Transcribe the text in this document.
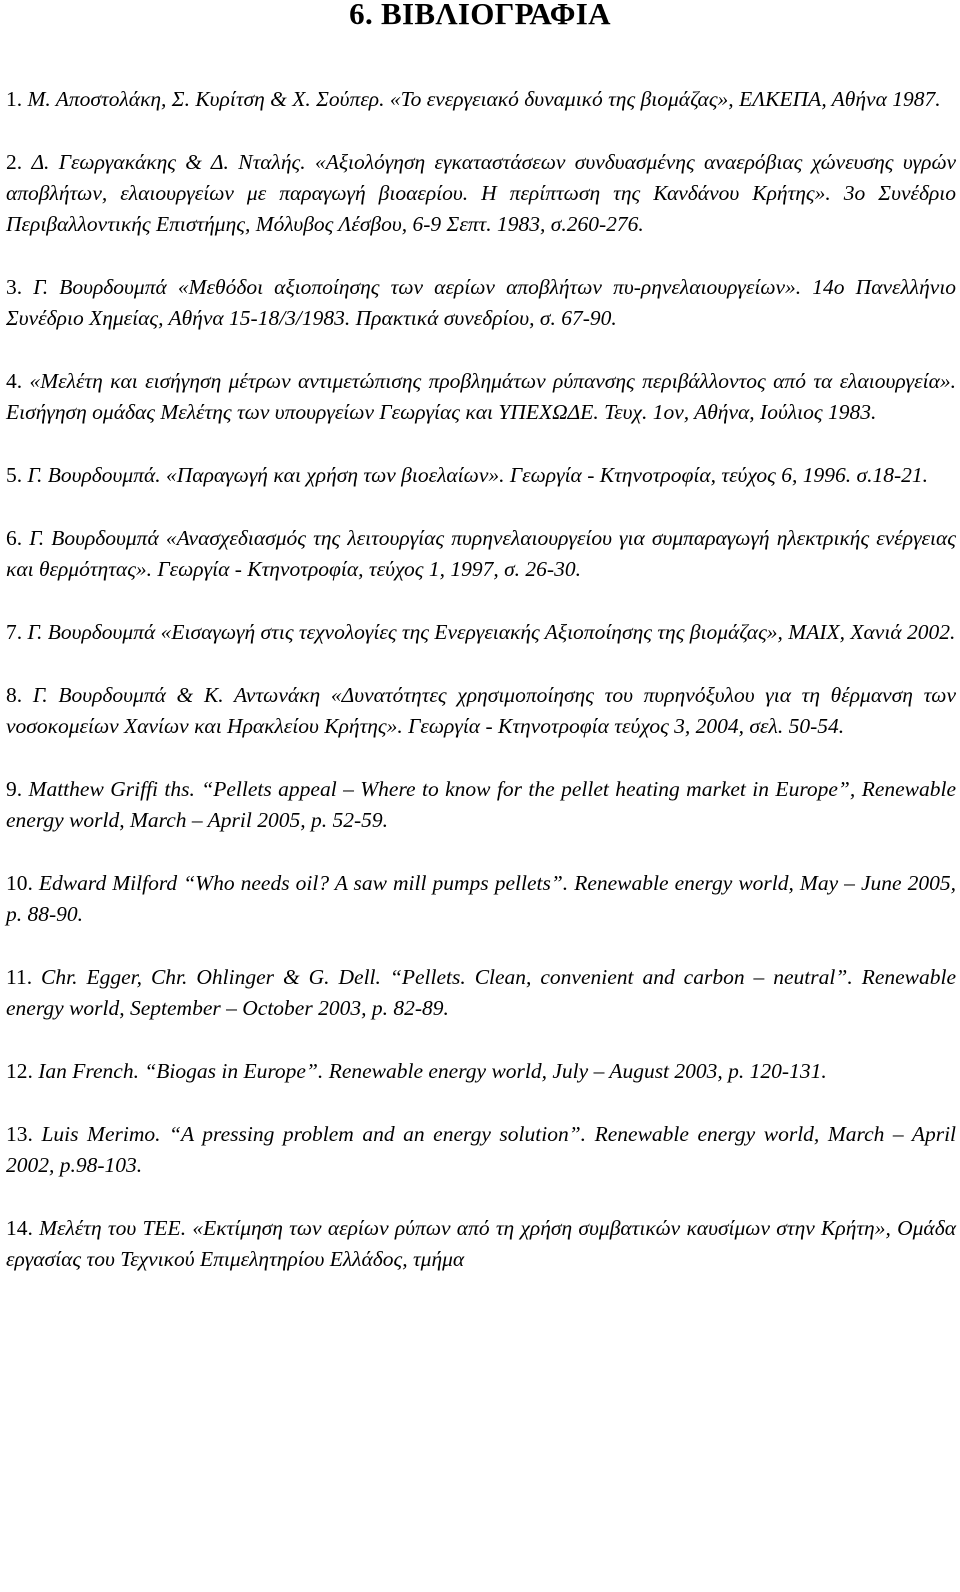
6. ΒΙΒΛΙΟΓΡΑΦΙΑ
1. Μ. Αποστολάκη, Σ. Κυρίτση & Χ. Σούπερ. «Το ενεργειακό δυναμικό της βιομάζας», ΕΛΚΕΠΑ, Αθήνα 1987.
2. Δ. Γεωργακάκης & Δ. Νταλής. «Αξιολόγηση εγκαταστάσεων συνδυασμένης αναερόβιας χώνευσης υγρών αποβλήτων, ελαιουργείων με παραγωγή βιοαερίου. Η περίπτωση της Κανδάνου Κρήτης». 3ο Συνέδριο Περιβαλλοντικής Επιστήμης, Μόλυβος Λέσβου, 6-9 Σεπτ. 1983, σ.260-276.
3. Γ. Βουρδουμπά «Μεθόδοι αξιοποίησης των αερίων αποβλήτων πυ-ρηνελαιουργείων». 14ο Πανελλήνιο Συνέδριο Χημείας, Αθήνα 15-18/3/1983. Πρακτικά συνεδρίου, σ. 67-90.
4. «Μελέτη και εισήγηση μέτρων αντιμετώπισης προβλημάτων ρύπανσης περιβάλλοντος από τα ελαιουργεία». Εισήγηση ομάδας Μελέτης των υπουργείων Γεωργίας και ΥΠΕΧΩΔΕ. Τευχ. 1ον, Αθήνα, Ιούλιος 1983.
5. Γ. Βουρδουμπά. «Παραγωγή και χρήση των βιοελαίων». Γεωργία - Κτηνοτροφία, τεύχος 6, 1996. σ.18-21.
6. Γ. Βουρδουμπά «Ανασχεδιασμός της λειτουργίας πυρηνελαιουργείου για συμπαραγωγή ηλεκτρικής ενέργειας και θερμότητας». Γεωργία - Κτηνοτροφία, τεύχος 1, 1997, σ. 26-30.
7. Γ. Βουρδουμπά «Εισαγωγή στις τεχνολογίες της Ενεργειακής Αξιοποίησης της βιομάζας», ΜΑΙΧ, Χανιά 2002.
8. Γ. Βουρδουμπά & Κ. Αντωνάκη «Δυνατότητες χρησιμοποίησης του πυρηνόξυλου για τη θέρμανση των νοσοκομείων Χανίων και Ηρακλείου Κρήτης». Γεωργία - Κτηνοτροφία τεύχος 3, 2004, σελ. 50-54.
9. Matthew Griffi ths. “Pellets appeal – Where to know for the pellet heating market in Europe”, Renewable energy world, March – April 2005, p. 52-59.
10. Edward Milford “Who needs oil? A saw mill pumps pellets”. Renewable energy world, May – June 2005, p. 88-90.
11. Chr. Egger, Chr. Ohlinger & G. Dell. “Pellets. Clean, convenient and carbon – neutral”. Renewable energy world, September – October 2003, p. 82-89.
12. Ian French. “Biogas in Europe”. Renewable energy world, July – August 2003, p. 120-131.
13. Luis Merimo. “A pressing problem and an energy solution”. Renewable energy world, March – April 2002, p.98-103.
14. Μελέτη του ΤΕΕ. «Εκτίμηση των αερίων ρύπων από τη χρήση συμβατικών καυσίμων στην Κρήτη», Ομάδα εργασίας του Τεχνικού Επιμελητηρίου Ελλάδος, τμήμα
